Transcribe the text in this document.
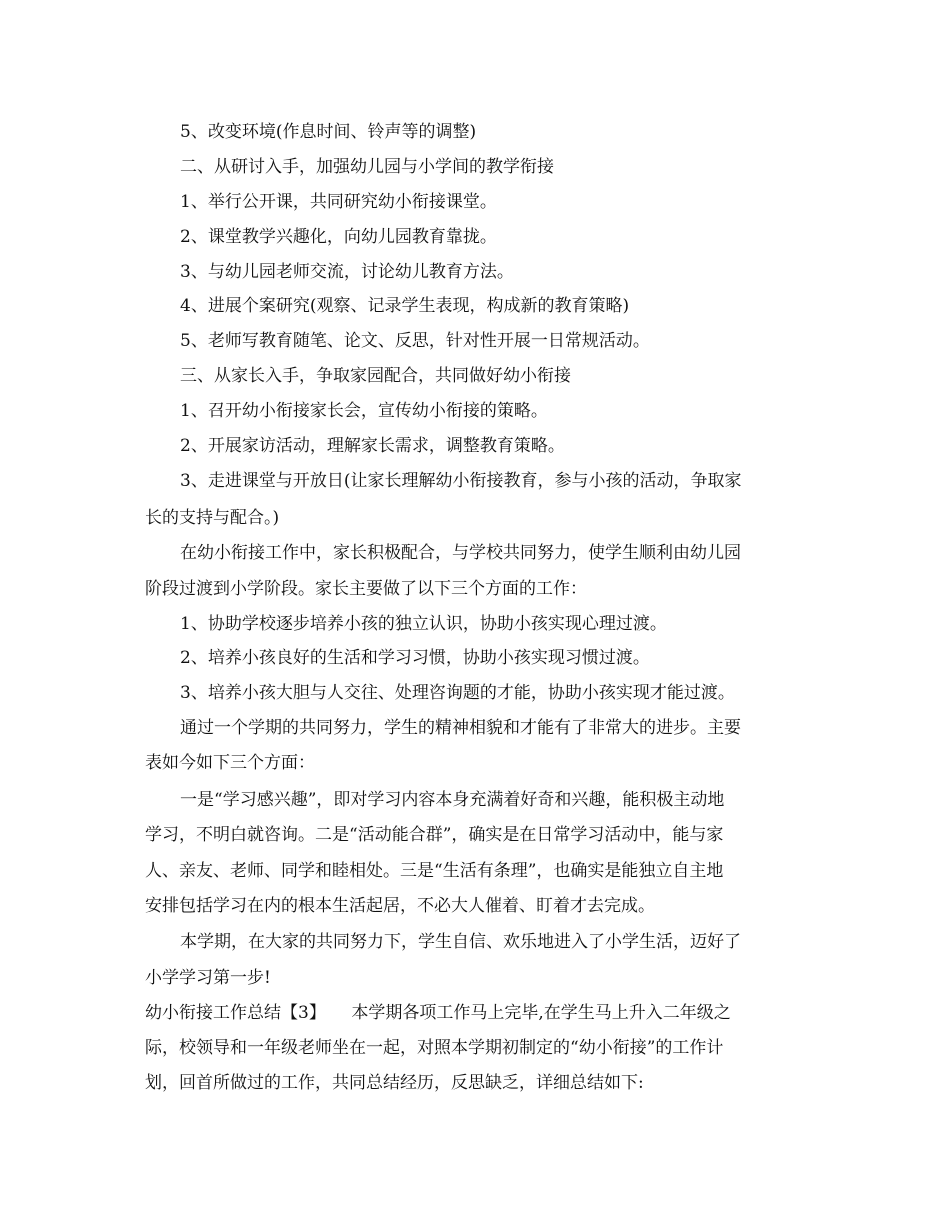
5、改变环境(作息时间、铃声等的调整)
二、从研讨入手，加强幼儿园与小学间的教学衔接
1、举行公开课，共同研究幼小衔接课堂。
2、课堂教学兴趣化，向幼儿园教育靠拢。
3、与幼儿园老师交流，讨论幼儿教育方法。
4、进展个案研究(观察、记录学生表现，构成新的教育策略)
5、老师写教育随笔、论文、反思，针对性开展一日常规活动。
三、从家长入手，争取家园配合，共同做好幼小衔接
1、召开幼小衔接家长会，宣传幼小衔接的策略。
2、开展家访活动，理解家长需求，调整教育策略。
3、走进课堂与开放日(让家长理解幼小衔接教育，参与小孩的活动，争取家
长的支持与配合。)
在幼小衔接工作中，家长积极配合，与学校共同努力，使学生顺利由幼儿园
阶段过渡到小学阶段。家长主要做了以下三个方面的工作：
1、协助学校逐步培养小孩的独立认识，协助小孩实现心理过渡。
2、培养小孩良好的生活和学习习惯，协助小孩实现习惯过渡。
3、培养小孩大胆与人交往、处理咨询题的才能，协助小孩实现才能过渡。
通过一个学期的共同努力，学生的精神相貌和才能有了非常大的进步。主要
表如今如下三个方面：
一是“学习感兴趣”，即对学习内容本身充满着好奇和兴趣，能积极主动地
学习，不明白就咨询。二是“活动能合群”，确实是在日常学习活动中，能与家
人、亲友、老师、同学和睦相处。三是“生活有条理”，也确实是能独立自主地
安排包括学习在内的根本生活起居，不必大人催着、盯着才去完成。
本学期，在大家的共同努力下，学生自信、欢乐地进入了小学生活，迈好了
小学学习第一步!
幼小衔接工作总结【3】　　本学期各项工作马上完毕,在学生马上升入二年级之
际，校领导和一年级老师坐在一起，对照本学期初制定的“幼小衔接”的工作计
划，回首所做过的工作，共同总结经历，反思缺乏，详细总结如下:
